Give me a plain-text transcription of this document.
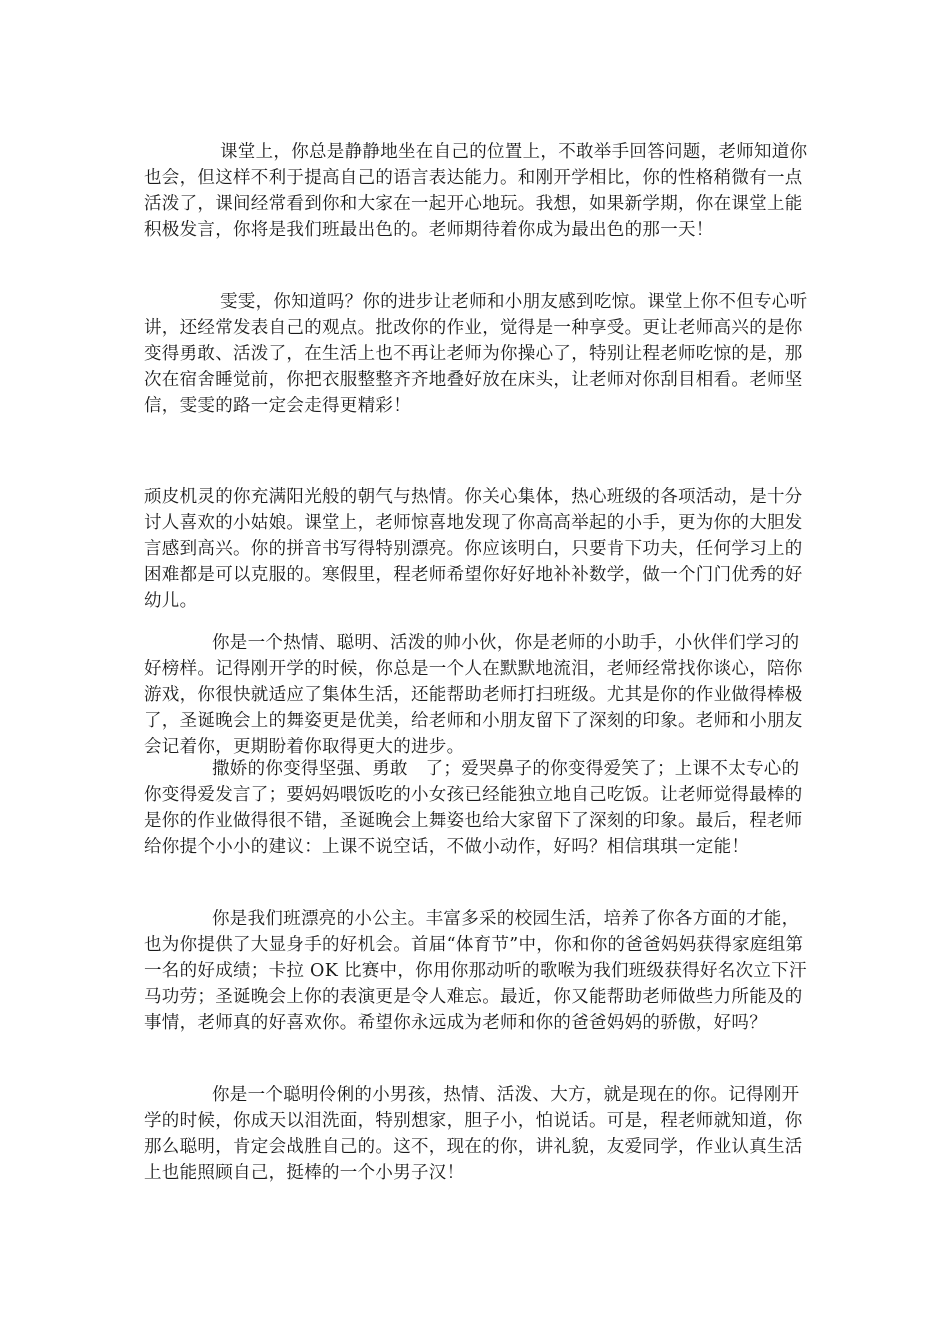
课堂上，你总是静静地坐在自己的位置上，不敢举手回答问题，老师知道你也会，但这样不利于提高自己的语言表达能力。和刚开学相比，你的性格稍微有一点活泼了，课间经常看到你和大家在一起开心地玩。我想，如果新学期，你在课堂上能积极发言，你将是我们班最出色的。老师期待着你成为最出色的那一天！

雯雯，你知道吗？你的进步让老师和小朋友感到吃惊。课堂上你不但专心听讲，还经常发表自己的观点。批改你的作业，觉得是一种享受。更让老师高兴的是你变得勇敢、活泼了，在生活上也不再让老师为你操心了，特别让程老师吃惊的是，那次在宿舍睡觉前，你把衣服整整齐齐地叠好放在床头，让老师对你刮目相看。老师坚信，雯雯的路一定会走得更精彩！

顽皮机灵的你充满阳光般的朝气与热情。你关心集体，热心班级的各项活动，是十分讨人喜欢的小姑娘。课堂上，老师惊喜地发现了你高高举起的小手，更为你的大胆发言感到高兴。你的拼音书写得特别漂亮。你应该明白，只要肯下功夫，任何学习上的困难都是可以克服的。寒假里，程老师希望你好好地补补数学，做一个门门优秀的好幼儿。

你是一个热情、聪明、活泼的帅小伙，你是老师的小助手，小伙伴们学习的好榜样。记得刚开学的时候，你总是一个人在默默地流泪，老师经常找你谈心，陪你游戏，你很快就适应了集体生活，还能帮助老师打扫班级。尤其是你的作业做得棒极了，圣诞晚会上的舞姿更是优美，给老师和小朋友留下了深刻的印象。老师和小朋友会记着你，更期盼着你取得更大的进步。

撒娇的你变得坚强、勇敢　了；爱哭鼻子的你变得爱笑了；上课不太专心的你变得爱发言了；要妈妈喂饭吃的小女孩已经能独立地自己吃饭。让老师觉得最棒的是你的作业做得很不错，圣诞晚会上舞姿也给大家留下了深刻的印象。最后，程老师给你提个小小的建议：上课不说空话，不做小动作，好吗？相信琪琪一定能！

你是我们班漂亮的小公主。丰富多采的校园生活，培养了你各方面的才能，也为你提供了大显身手的好机会。首届“体育节”中，你和你的爸爸妈妈获得家庭组第一名的好成绩；卡拉 OK 比赛中，你用你那动听的歌喉为我们班级获得好名次立下汗马功劳；圣诞晚会上你的表演更是令人难忘。最近，你又能帮助老师做些力所能及的事情，老师真的好喜欢你。希望你永远成为老师和你的爸爸妈妈的骄傲，好吗？

你是一个聪明伶俐的小男孩，热情、活泼、大方，就是现在的你。记得刚开学的时候，你成天以泪洗面，特别想家，胆子小，怕说话。可是，程老师就知道，你那么聪明，肯定会战胜自己的。这不，现在的你，讲礼貌，友爱同学，作业认真生活上也能照顾自己，挺棒的一个小男子汉！
